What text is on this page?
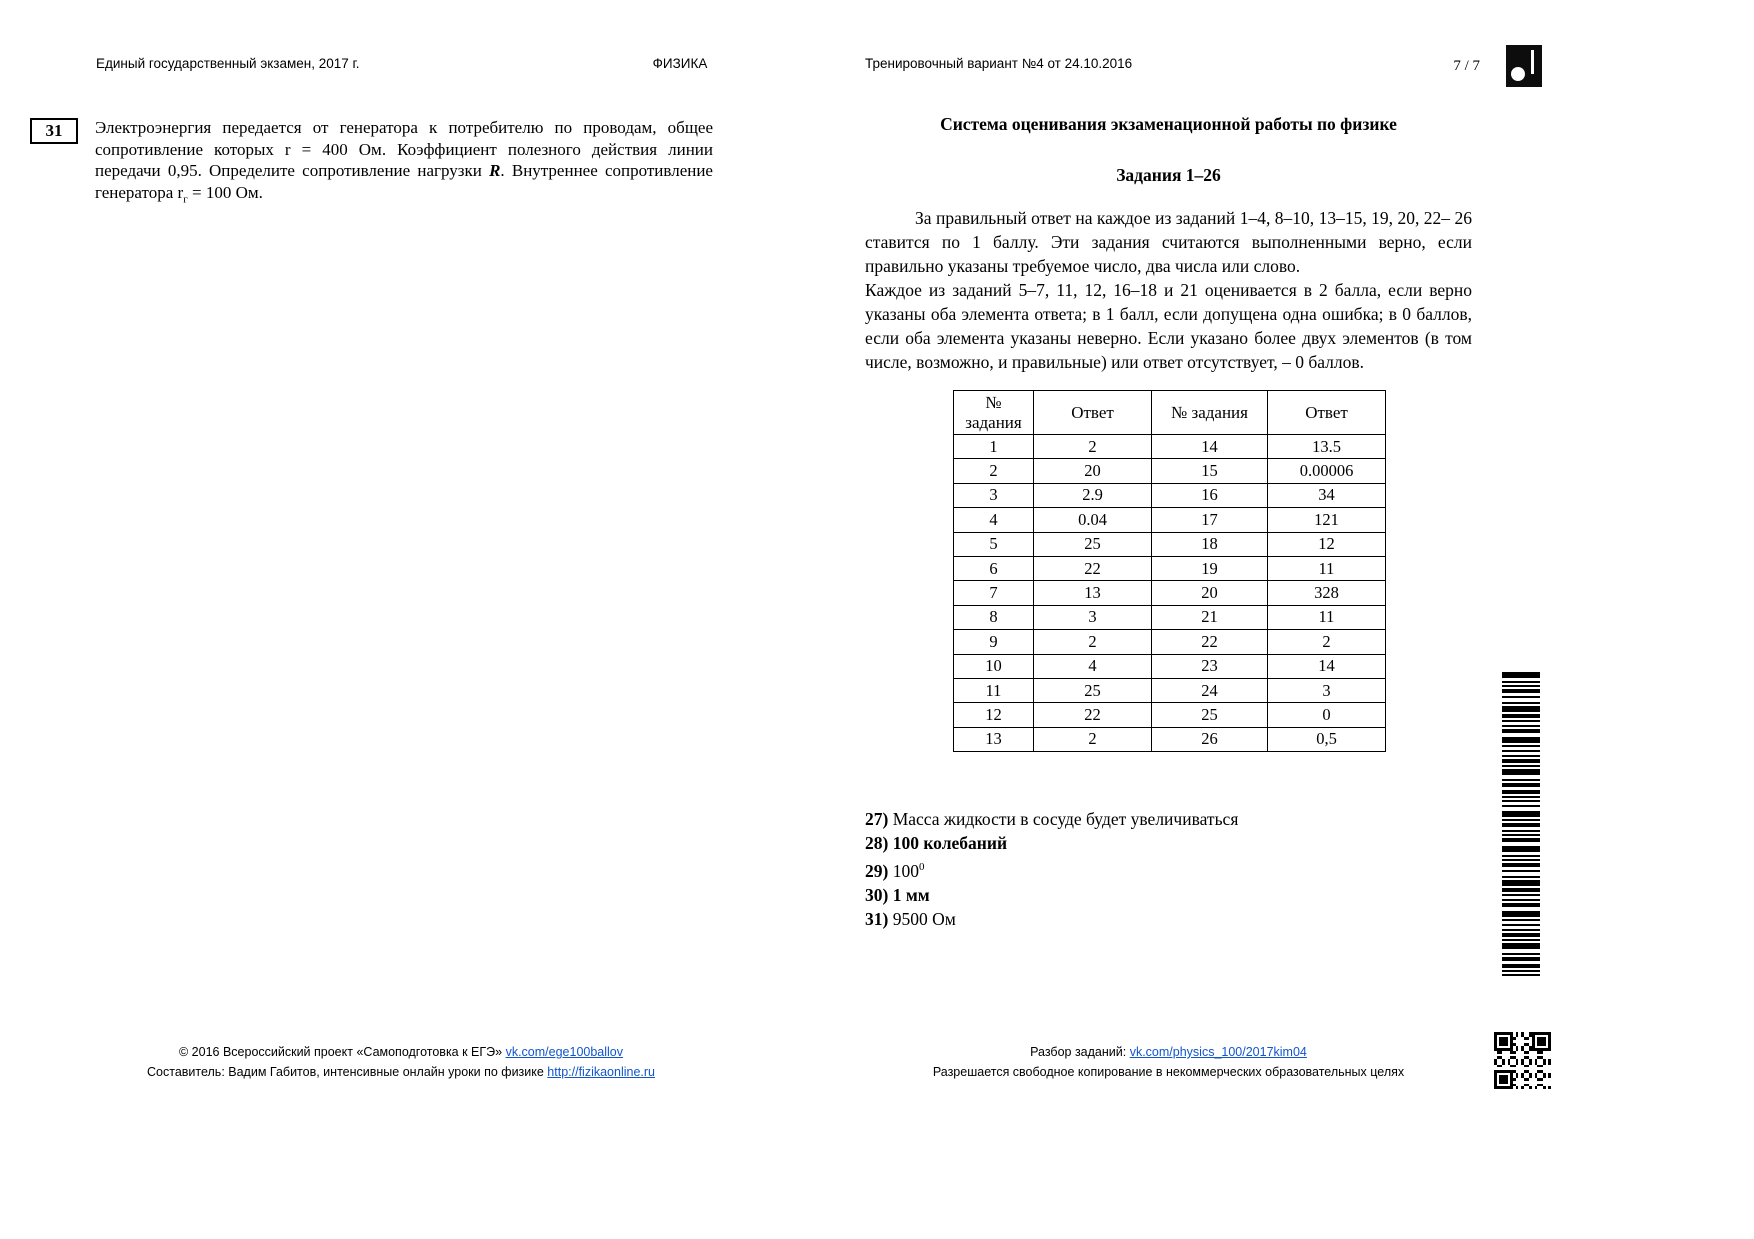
Единый государственный экзамен, 2017 г.	ФИЗИКА	Тренировочный вариант №4 от 24.10.2016	7 / 7
31	Электроэнергия передается от генератора к потребителю по проводам, общее сопротивление которых r = 400 Ом. Коэффициент полезного действия линии передачи 0,95. Определите сопротивление нагрузки R. Внутреннее сопротивление генератора $r_г = 100$ Ом.

Система оценивания экзаменационной работы по физике
Задания 1–26

За правильный ответ на каждое из заданий 1–4, 8–10, 13–15, 19, 20, 22– 26 ставится по 1 баллу. Эти задания считаются выполненными верно, если правильно указаны требуемое число, два числа или слово.

Каждое из заданий 5–7, 11, 12, 16–18 и 21 оценивается в 2 балла, если верно указаны оба элемента ответа; в 1 балл, если допущена одна ошибка; в 0 баллов, если оба элемента указаны неверно. Если указано более двух элементов (в том числе, возможно, и правильные) или ответ отсутствует, – 0 баллов.

№ задания	Ответ	№ задания	Ответ
1	2	14	13.5
2	20	15	0.00006
3	2.9	16	34
4	0.04	17	121
5	25	18	12
6	22	19	11
7	13	20	328
8	3	21	11
9	2	22	2
10	4	23	14
11	25	24	3
12	22	25	0
13	2	26	0,5

27) Масса жидкости в сосуде будет увеличиваться

28) 100 колебаний

29) $100^0$

30) 1 мм

31) 9500 Ом

© 2016 Всероссийский проект «Самоподготовка к ЕГЭ» vk.com/ege100ballov
Составитель: Вадим Габитов, интенсивные онлайн уроки по физике http://fizikaonline.ru
Разбор заданий: vk.com/physics_100/2017kim04
Разрешается свободное копирование в некоммерческих образовательных целях
